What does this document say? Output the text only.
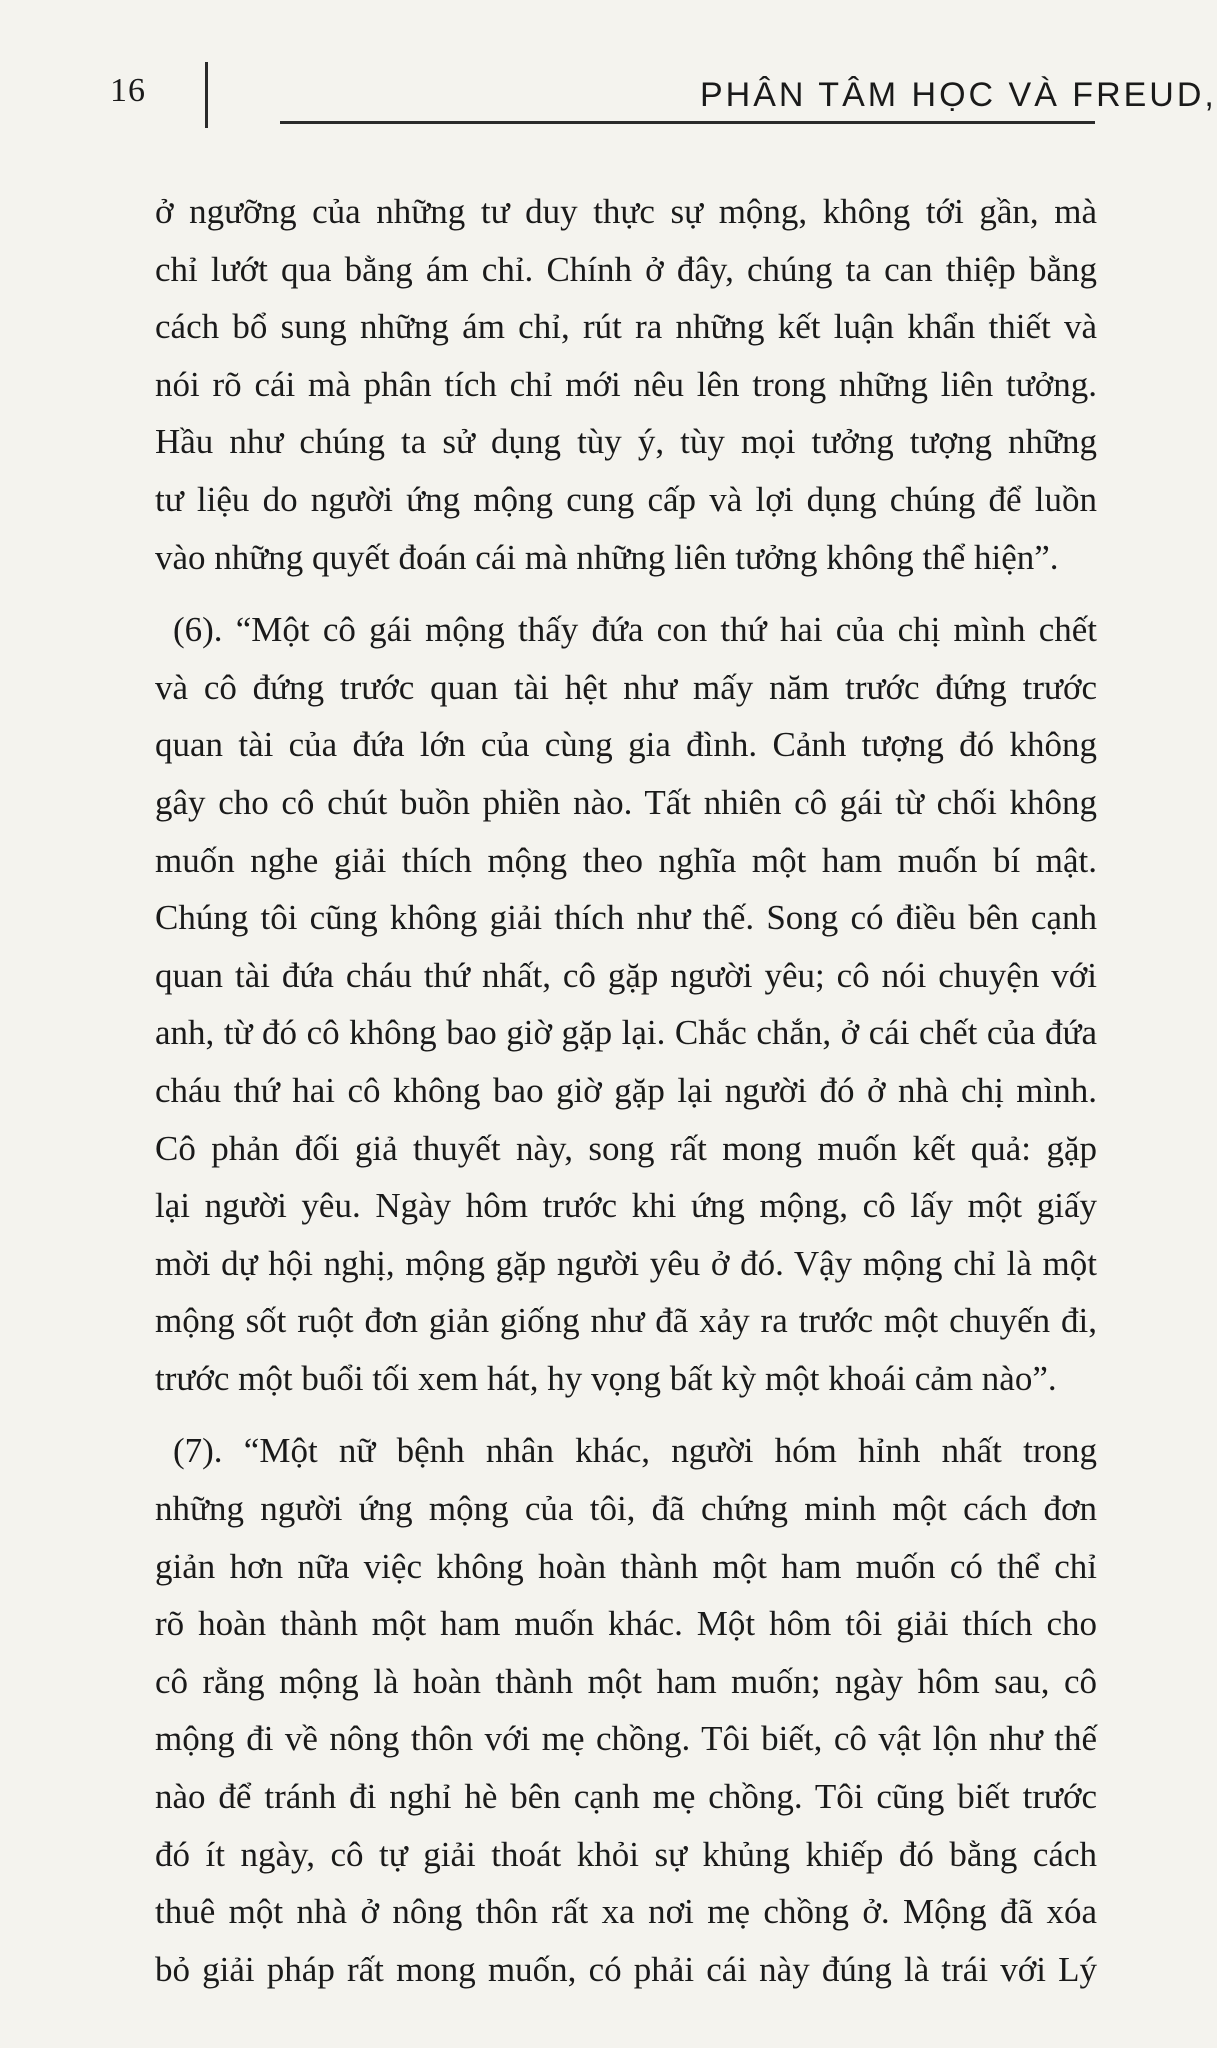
16	PHÂN TÂM HỌC VÀ FREUD,
ở ngưỡng của những tư duy thực sự mộng, không tới gần, mà
chỉ lướt qua bằng ám chỉ. Chính ở đây, chúng ta can thiệp bằng
cách bổ sung những ám chỉ, rút ra những kết luận khẩn thiết và
nói rõ cái mà phân tích chỉ mới nêu lên trong những liên tưởng.
Hầu như chúng ta sử dụng tùy ý, tùy mọi tưởng tượng những
tư liệu do người ứng mộng cung cấp và lợi dụng chúng để luồn
vào những quyết đoán cái mà những liên tưởng không thể hiện”.
(6). “Một cô gái mộng thấy đứa con thứ hai của chị mình chết
và cô đứng trước quan tài hệt như mấy năm trước đứng trước
quan tài của đứa lớn của cùng gia đình. Cảnh tượng đó không
gây cho cô chút buồn phiền nào. Tất nhiên cô gái từ chối không
muốn nghe giải thích mộng theo nghĩa một ham muốn bí mật.
Chúng tôi cũng không giải thích như thế. Song có điều bên cạnh
quan tài đứa cháu thứ nhất, cô gặp người yêu; cô nói chuyện với
anh, từ đó cô không bao giờ gặp lại. Chắc chắn, ở cái chết của đứa
cháu thứ hai cô không bao giờ gặp lại người đó ở nhà chị mình.
Cô phản đối giả thuyết này, song rất mong muốn kết quả: gặp
lại người yêu. Ngày hôm trước khi ứng mộng, cô lấy một giấy
mời dự hội nghị, mộng gặp người yêu ở đó. Vậy mộng chỉ là một
mộng sốt ruột đơn giản giống như đã xảy ra trước một chuyến đi,
trước một buổi tối xem hát, hy vọng bất kỳ một khoái cảm nào”.
(7). “Một nữ bệnh nhân khác, người hóm hỉnh nhất trong
những người ứng mộng của tôi, đã chứng minh một cách đơn
giản hơn nữa việc không hoàn thành một ham muốn có thể chỉ
rõ hoàn thành một ham muốn khác. Một hôm tôi giải thích cho
cô rằng mộng là hoàn thành một ham muốn; ngày hôm sau, cô
mộng đi về nông thôn với mẹ chồng. Tôi biết, cô vật lộn như thế
nào để tránh đi nghỉ hè bên cạnh mẹ chồng. Tôi cũng biết trước
đó ít ngày, cô tự giải thoát khỏi sự khủng khiếp đó bằng cách
thuê một nhà ở nông thôn rất xa nơi mẹ chồng ở. Mộng đã xóa
bỏ giải pháp rất mong muốn, có phải cái này đúng là trái với Lý
